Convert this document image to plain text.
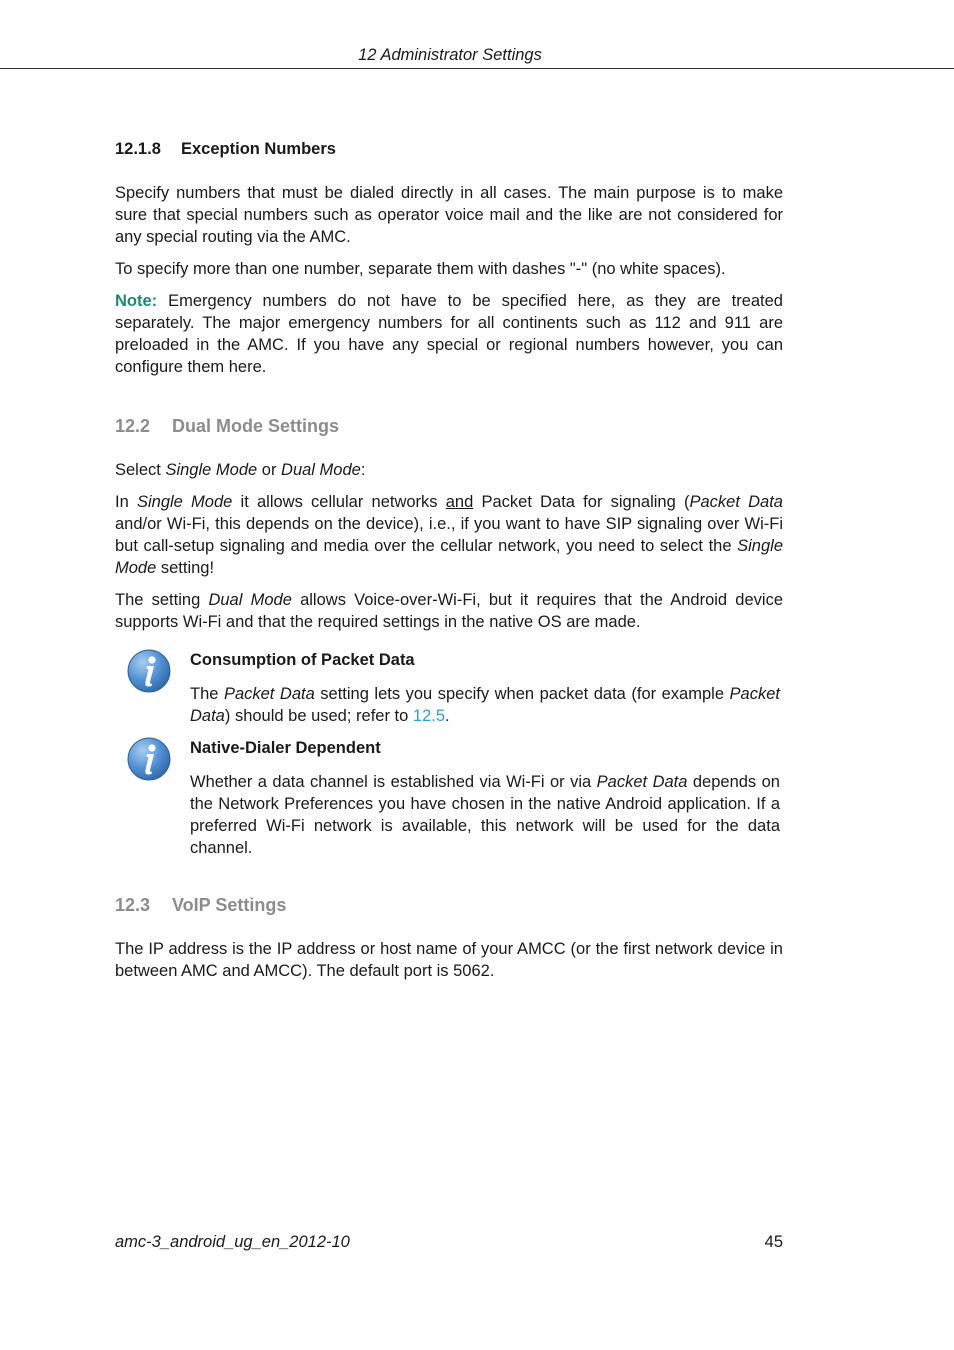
12 Administrator Settings
12.1.8 Exception Numbers

Specify numbers that must be dialed directly in all cases. The main purpose is to make sure that special numbers such as operator voice mail and the like are not considered for any special routing via the AMC.

To specify more than one number, separate them with dashes "-" (no white spaces).

Note: Emergency numbers do not have to be specified here, as they are treated separately. The major emergency numbers for all continents such as 112 and 911 are preloaded in the AMC. If you have any special or regional numbers however, you can configure them here.

12.2 Dual Mode Settings

Select Single Mode or Dual Mode:

In Single Mode it allows cellular networks and Packet Data for signaling (Packet Data and/or Wi-Fi, this depends on the device), i.e., if you want to have SIP signaling over Wi-Fi but call-setup signaling and media over the cellular network, you need to select the Single Mode setting!

The setting Dual Mode allows Voice-over-Wi-Fi, but it requires that the Android device supports Wi-Fi and that the required settings in the native OS are made.

Consumption of Packet Data

The Packet Data setting lets you specify when packet data (for example Packet Data) should be used; refer to 12.5.

Native-Dialer Dependent

Whether a data channel is established via Wi-Fi or via Packet Data depends on the Network Preferences you have chosen in the native Android application. If a preferred Wi-Fi network is available, this network will be used for the data channel.

12.3 VoIP Settings

The IP address is the IP address or host name of your AMCC (or the first network device in between AMC and AMCC). The default port is 5062.

amc-3_android_ug_en_2012-10	45
